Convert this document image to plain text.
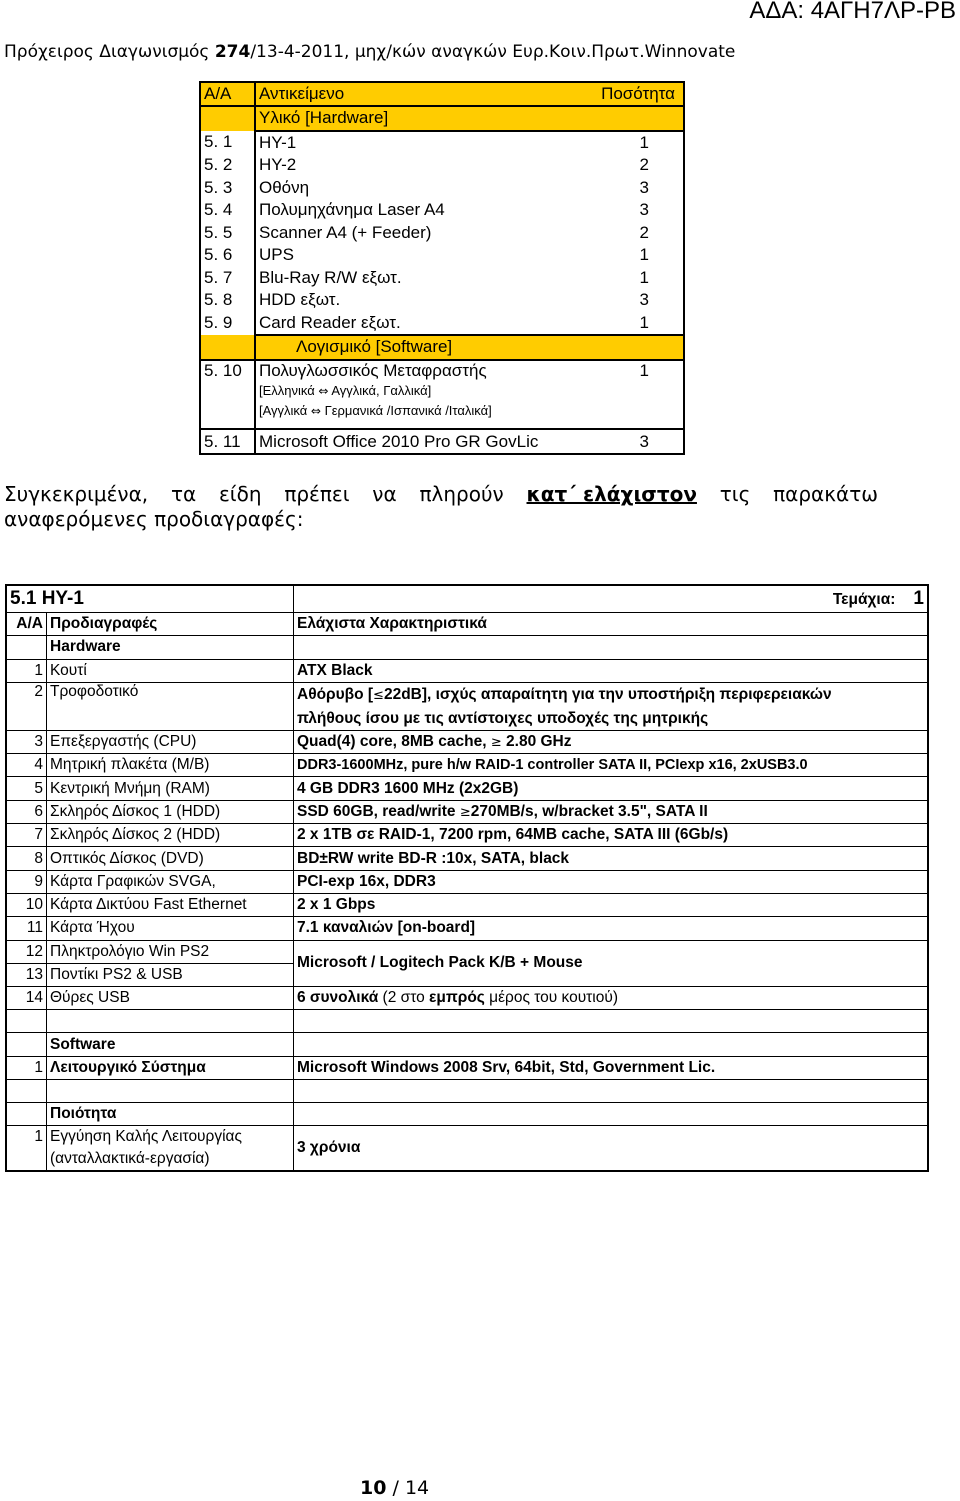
ΑΔΑ: 4ΑΓΗ7ΛΡ-ΡΒ
Πρόχειρος Διαγωνισμός 274/13-4-2011, μηχ/κών αναγκών Ευρ.Κοιν.Πρωτ.Winnovate
Α/Α	Αντικείμενο	Ποσότητα
	Υλικό [Hardware]	
5. 1	ΗΥ-1	1
5. 2	ΗΥ-2	2
5. 3	Οθόνη	3
5. 4	Πολυμηχάνημα Laser A4	3
5. 5	Scanner A4 (+ Feeder)	2
5. 6	UPS	1
5. 7	Blu-Ray R/W εξωτ.	1
5. 8	HDD εξωτ.	3
5. 9	Card Reader εξωτ.	1
	Λογισμικό [Software]	
5. 10	Πολυγλωσσικός Μεταφραστής
[Ελληνικά ⇔ Αγγλικά, Γαλλικά]
[Αγγλικά ⇔ Γερμανικά /Ισπανικά /Ιταλικά]	1
5. 11	Microsoft Office 2010 Pro GR GovLic	3
Συγκεκριμένα, τα είδη πρέπει να πληρούν κατ΄ ελάχιστον τις παρακάτω
αναφερόμενες προδιαγραφές:
5.1 ΗΥ-1		Τεμάχια: 1
Α/Α	Προδιαγραφές	Ελάχιστα Χαρακτηριστικά
	Hardware	
1	Κουτί	ATX Black
2	Τροφοδοτικό	Αθόρυβο [≤22dB], ισχύς απαραίτητη για την υποστήριξη περιφερειακών
πλήθους ίσου με τις αντίστοιχες υποδοχές της μητρικής

3	Επεξεργαστής (CPU)	Quad(4) core, 8MB cache, ≥ 2.80 GHz
4	Μητρική πλακέτα (M/B)	DDR3-1600MHz, pure h/w RAID-1 controller SATA II, PCIexp x16, 2xUSB3.0
5	Κεντρική Μνήμη (RAM)	4 GB DDR3 1600 MHz (2x2GB)
6	Σκληρός Δίσκος 1 (HDD)	SSD 60GB, read/write ≥270MB/s, w/bracket 3.5", SATA II
7	Σκληρός Δίσκος 2 (HDD)	2 x 1TB σε RAID-1, 7200 rpm, 64MB cache, SATA III (6Gb/s)
8	Οπτικός Δίσκος (DVD)	BD±RW write BD-R :10x, SATA, black
9	Κάρτα Γραφικών SVGA,	PCI-exp 16x, DDR3
10	Κάρτα Δικτύου Fast Ethernet	2 x 1 Gbps
11	Κάρτα Ήχου	7.1 καναλιών [on-board]
12	Πληκτρολόγιο Win PS2	Microsoft / Logitech Pack K/B + Mouse
13	Ποντίκι PS2 & USB	
14	Θύρες USB	6 συνολικά (2 στο εμπρός μέρος του κουτιού)

	Software	
1	Λειτουργικό Σύστημα	Microsoft Windows 2008 Srv, 64bit, Std, Government Lic.

	Ποιότητα	
1	Εγγύηση Καλής Λειτουργίας
(ανταλλακτικά-εργασία)	3 χρόνια
10 / 14
